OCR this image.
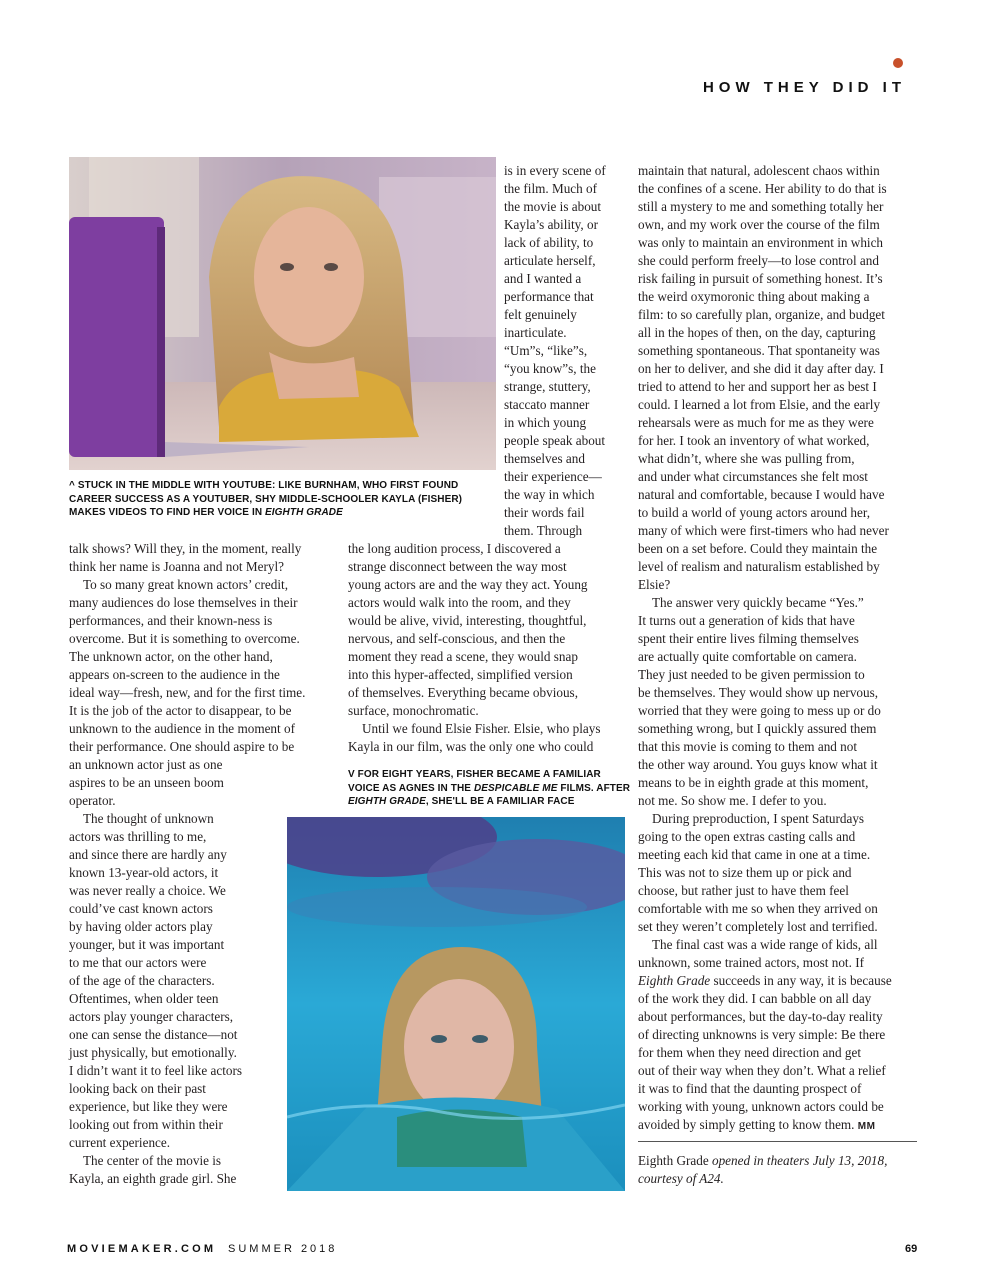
HOW THEY DID IT
^ STUCK IN THE MIDDLE WITH YOUTUBE: LIKE BURNHAM, WHO FIRST FOUND CAREER SUCCESS AS A YOUTUBER, SHY MIDDLE-SCHOOLER KAYLA (FISHER) MAKES VIDEOS TO FIND HER VOICE IN EIGHTH GRADE

is in every scene of

the film. Much of

the movie is about

Kayla’s ability, or

lack of ability, to

articulate herself,

and I wanted a

performance that

felt genuinely

inarticulate.

“Um”s, “like”s,

“you know”s, the

strange, stuttery,

staccato manner

in which young

people speak about

themselves and

their experience—

the way in which

their words fail

them. Through

talk shows? Will they, in the moment, really

think her name is Joanna and not Meryl?

To so many great known actors’ credit,

many audiences do lose themselves in their

performances, and their known-ness is

overcome. But it is something to overcome.

The unknown actor, on the other hand,

appears on-screen to the audience in the

ideal way—fresh, new, and for the first time.

It is the job of the actor to disappear, to be

unknown to the audience in the moment of

their performance. One should aspire to be

an unknown actor just as one

aspires to be an unseen boom

operator.

The thought of unknown

actors was thrilling to me,

and since there are hardly any

known 13-year-old actors, it

was never really a choice. We

could’ve cast known actors

by having older actors play

younger, but it was important

to me that our actors were

of the age of the characters.

Oftentimes, when older teen

actors play younger characters,

one can sense the distance—not

just physically, but emotionally.

I didn’t want it to feel like actors

looking back on their past

experience, but like they were

looking out from within their

current experience.

The center of the movie is

Kayla, an eighth grade girl. She

the long audition process, I discovered a

strange disconnect between the way most

young actors are and the way they act. Young

actors would walk into the room, and they

would be alive, vivid, interesting, thoughtful,

nervous, and self-conscious, and then the

moment they read a scene, they would snap

into this hyper-affected, simplified version

of themselves. Everything became obvious,

surface, monochromatic.

Until we found Elsie Fisher. Elsie, who plays

Kayla in our film, was the only one who could

V FOR EIGHT YEARS, FISHER BECAME A FAMILIAR VOICE AS AGNES IN THE DESPICABLE ME FILMS. AFTER EIGHTH GRADE, SHE'LL BE A FAMILIAR FACE

maintain that natural, adolescent chaos within

the confines of a scene. Her ability to do that is

still a mystery to me and something totally her

own, and my work over the course of the film

was only to maintain an environment in which

she could perform freely—to lose control and

risk failing in pursuit of something honest. It’s

the weird oxymoronic thing about making a

film: to so carefully plan, organize, and budget

all in the hopes of then, on the day, capturing

something spontaneous. That spontaneity was

on her to deliver, and she did it day after day. I

tried to attend to her and support her as best I

could. I learned a lot from Elsie, and the early

rehearsals were as much for me as they were

for her. I took an inventory of what worked,

what didn’t, where she was pulling from,

and under what circumstances she felt most

natural and comfortable, because I would have

to build a world of young actors around her,

many of which were first-timers who had never

been on a set before. Could they maintain the

level of realism and naturalism established by

Elsie?

The answer very quickly became “Yes.”

It turns out a generation of kids that have

spent their entire lives filming themselves

are actually quite comfortable on camera.

They just needed to be given permission to

be themselves. They would show up nervous,

worried that they were going to mess up or do

something wrong, but I quickly assured them

that this movie is coming to them and not

the other way around. You guys know what it

means to be in eighth grade at this moment,

not me. So show me. I defer to you.

During preproduction, I spent Saturdays

going to the open extras casting calls and

meeting each kid that came in one at a time.

This was not to size them up or pick and

choose, but rather just to have them feel

comfortable with me so when they arrived on

set they weren’t completely lost and terrified.

The final cast was a wide range of kids, all

unknown, some trained actors, most not. If

Eighth Grade succeeds in any way, it is because

of the work they did. I can babble on all day

about performances, but the day-to-day reality

of directing unknowns is very simple: Be there

for them when they need direction and get

out of their way when they don’t. What a relief

it was to find that the daunting prospect of

working with young, unknown actors could be

avoided by simply getting to know them. MM

Eighth Grade opened in theaters July 13, 2018,
courtesy of A24.
MOVIEMAKER.COM SUMMER 2018	69
